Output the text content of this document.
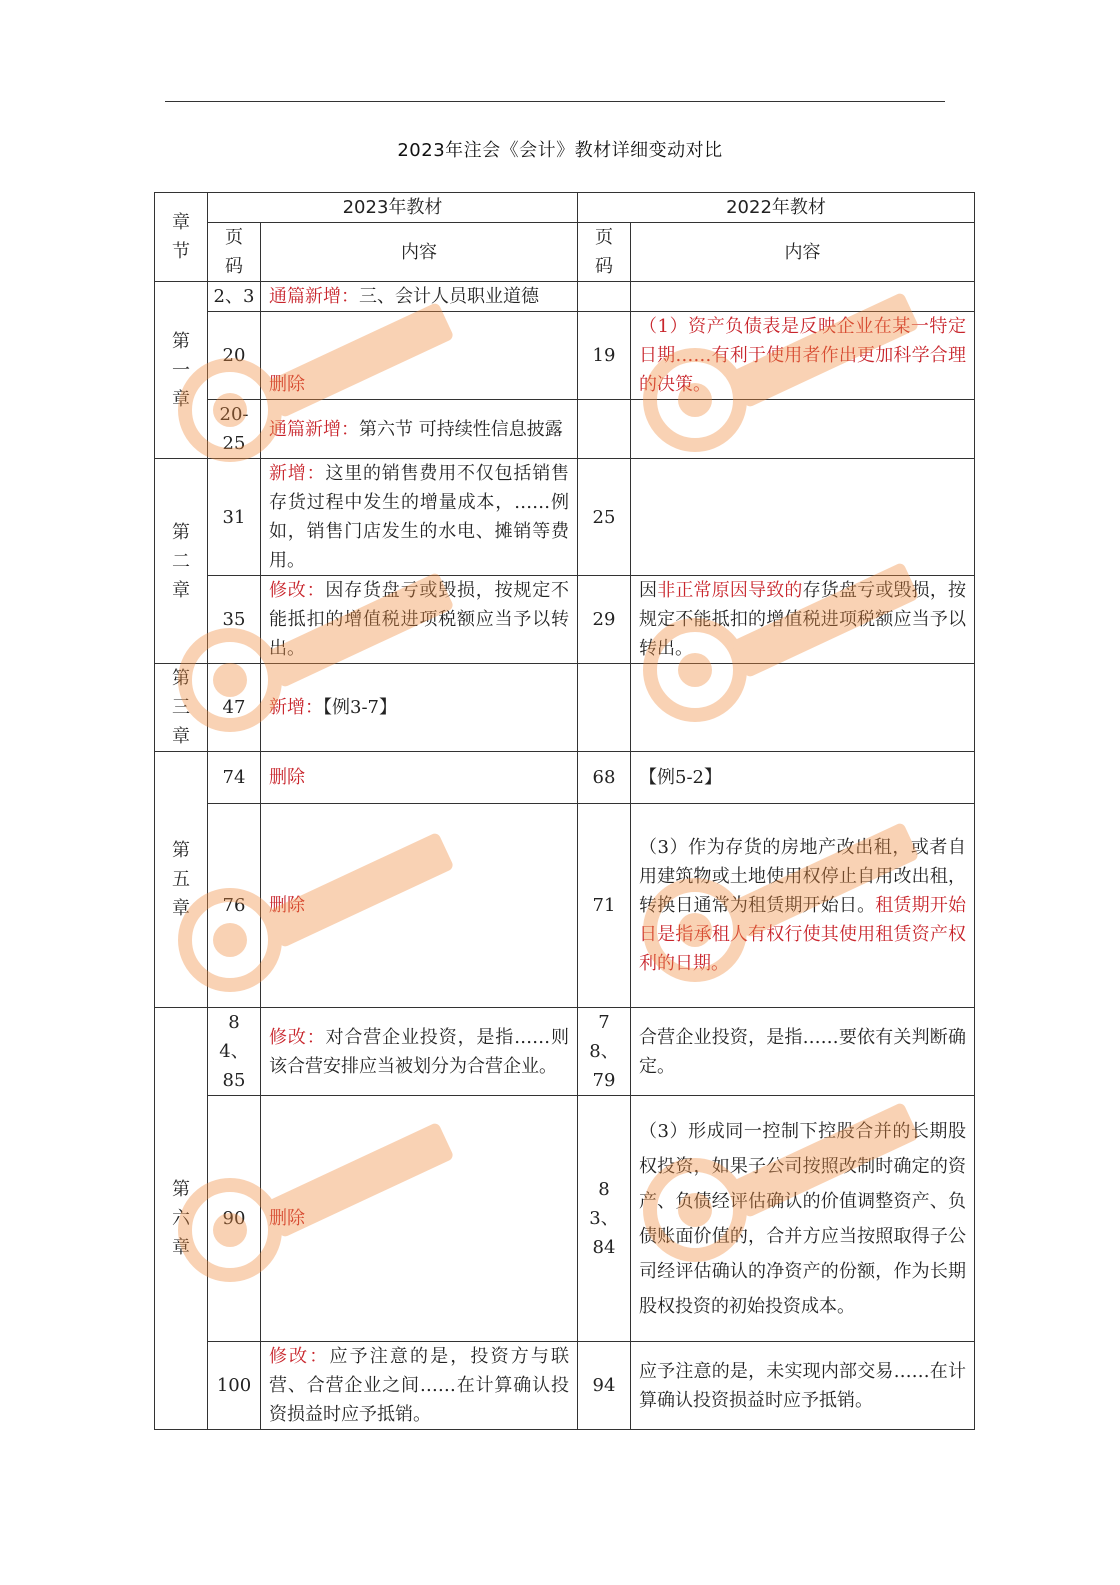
2023年注会《会计》教材详细变动对比
章节	2023年教材		2022年教材	
	页码	内容	页码	内容
第一章	2、3	通篇新增：三、会计人员职业道德		
	20	删除	19	（1）资产负债表是反映企业在某一特定日期……有利于使用者作出更加科学合理的决策。
	20-25	通篇新增：第六节 可持续性信息披露		
第二章	31	新增：这里的销售费用不仅包括销售存货过程中发生的增量成本，……例如，销售门店发生的水电、摊销等费用。	25	
	35	修改：因存货盘亏或毁损，按规定不能抵扣的增值税进项税额应当予以转出。	29	因非正常原因导致的存货盘亏或毁损，按规定不能抵扣的增值税进项税额应当予以转出。
第三章	47	新增：【例3-7】		
第五章	74	删除	68	【例5-2】
	76	删除	71	（3）作为存货的房地产改出租，或者自用建筑物或土地使用权停止自用改出租，转换日通常为租赁期开始日。租赁期开始日是指承租人有权行使其使用租赁资产权利的日期。
第六章	84、85	修改：对合营企业投资，是指……则该合营安排应当被划分为合营企业。	78、79	合营企业投资，是指……要依有关判断确定。
	90	删除	83、84	（3）形成同一控制下控股合并的长期股权投资，如果子公司按照改制时确定的资产、负债经评估确认的价值调整资产、负债账面价值的，合并方应当按照取得子公司经评估确认的净资产的份额，作为长期股权投资的初始投资成本。
	100	修改：应予注意的是，投资方与联营、合营企业之间……在计算确认投资损益时应予抵销。	94	应予注意的是，未实现内部交易……在计算确认投资损益时应予抵销。
